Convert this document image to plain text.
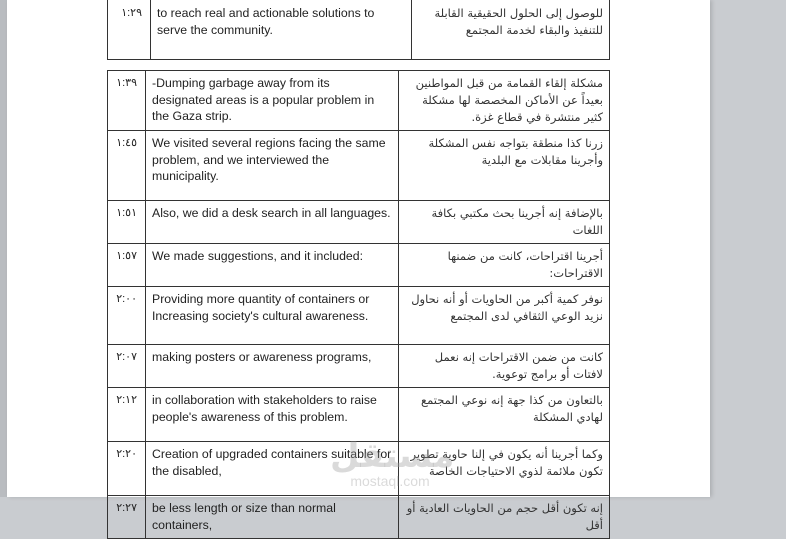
١:٢٩	to reach real and actionable solutions to serve the community.	للوصول إلى الحلول الحقيقية القابلة للتنفيذ والبقاء لخدمة المجتمع
١:٣٩	-Dumping garbage away from its designated areas is a popular problem in the Gaza strip.	مشكلة إلقاء القمامة من قبل المواطنين بعيداً عن الأماكن المخصصة لها مشكلة كثير منتشرة في قطاع غزة.
١:٤٥	We visited several regions facing the same problem, and we interviewed the municipality.	زرنا كذا منطقة بتواجه نفس المشكلة وأجرينا مقابلات مع البلدية
١:٥١	Also, we did a desk search in all languages.	بالإضافة إنه أجرينا بحث مكتبي بكافة اللغات
١:٥٧	We made suggestions, and it included:	أجرينا اقتراحات، كانت من ضمنها الاقتراحات:
٢:٠٠	Providing more quantity of containers or Increasing society's cultural awareness.	نوفر كمية أكبر من الحاويات أو أنه نحاول نزيد الوعي الثقافي لدى المجتمع
٢:٠٧	making posters or awareness programs,	كانت من ضمن الاقتراحات إنه نعمل لافتات أو برامج توعوية.
٢:١٢	in collaboration with stakeholders to raise people's awareness of this problem.	بالتعاون من كذا جهة إنه نوعي المجتمع لهادي المشكلة
٢:٢٠	Creation of upgraded containers suitable for the disabled,	وكما أجرينا أنه يكون في إلنا حاوية تطوير تكون ملائمة لذوي الاحتياجات الخاصة
٢:٢٧	be less length or size than normal containers,	إنه تكون أقل حجم من الحاويات العادية أو أقل
مستقل
mostaql.com
